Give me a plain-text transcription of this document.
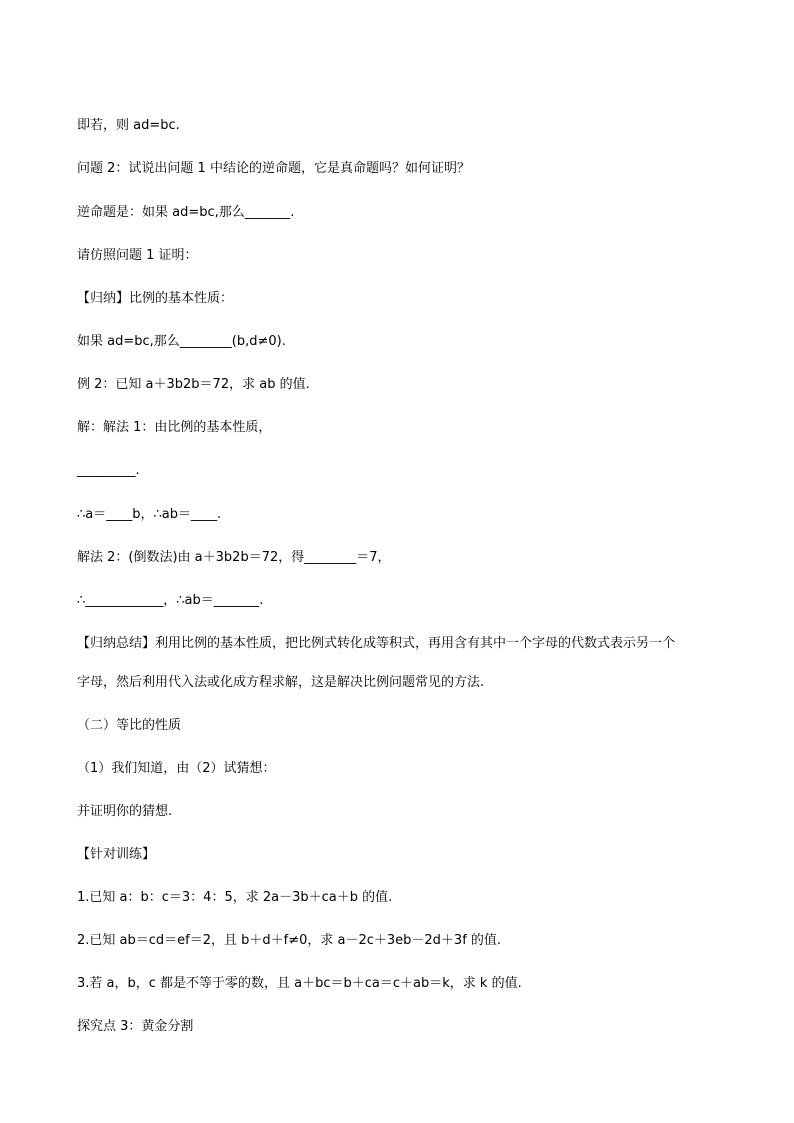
即若，则 ad=bc.
问题 2：试说出问题 1 中结论的逆命题，它是真命题吗？如何证明？
逆命题是：如果 ad=bc,那么_______.
请仿照问题 1 证明：
【归纳】比例的基本性质：
如果 ad=bc,那么________(b,d≠0).
例 2：已知 a＋3b2b＝72，求 ab 的值.
解：解法 1：由比例的基本性质，
_________.
∴a＝____b，∴ab＝____.
解法 2：(倒数法)由 a＋3b2b＝72，得________＝7，
∴____________，∴ab＝_______.
【归纳总结】利用比例的基本性质，把比例式转化成等积式，再用含有其中一个字母的代数式表示另一个
字母，然后利用代入法或化成方程求解，这是解决比例问题常见的方法.
（二）等比的性质
（1）我们知道，由（2）试猜想：
并证明你的猜想.
【针对训练】
1.已知 a：b：c＝3：4：5，求 2a－3b＋ca＋b 的值.
2.已知 ab＝cd＝ef＝2，且 b＋d＋f≠0，求 a－2c＋3eb－2d＋3f 的值.
3.若 a，b，c 都是不等于零的数，且 a＋bc＝b＋ca＝c＋ab＝k，求 k 的值.
探究点 3：黄金分割
